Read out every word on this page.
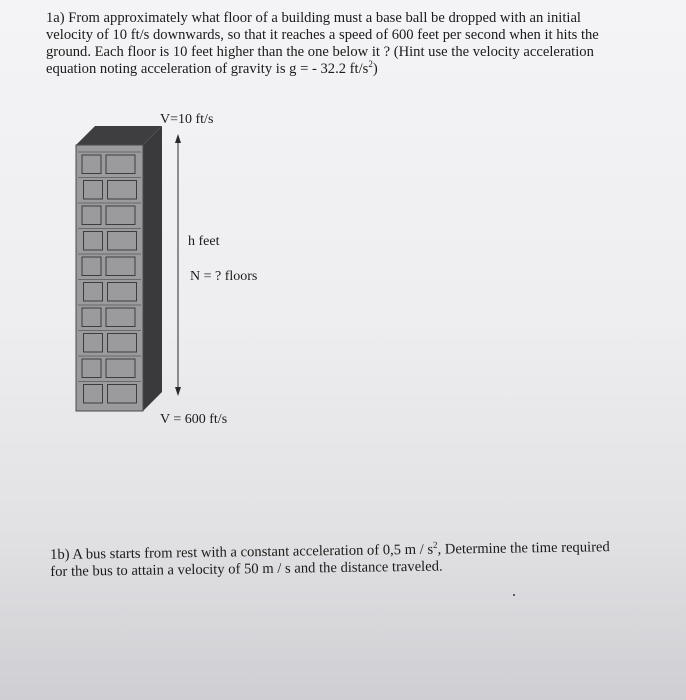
1a) From approximately what floor of a building must a base ball be dropped with an initial
velocity of 10 ft/s downwards, so that it reaches a speed of 600 feet per second when it hits the
ground. Each floor is 10 feet higher than the one below it ? (Hint use the velocity acceleration
equation noting acceleration of gravity is g = - 32.2 $ft/s^2$)
V=10 ft/s
h feet
N = ? floors
V = 600 ft/s
1b) A bus starts from rest with a constant acceleration of 0,5 m / $s^2$, Determine the time required
for the bus to attain a velocity of 50 m / s and the distance traveled.
